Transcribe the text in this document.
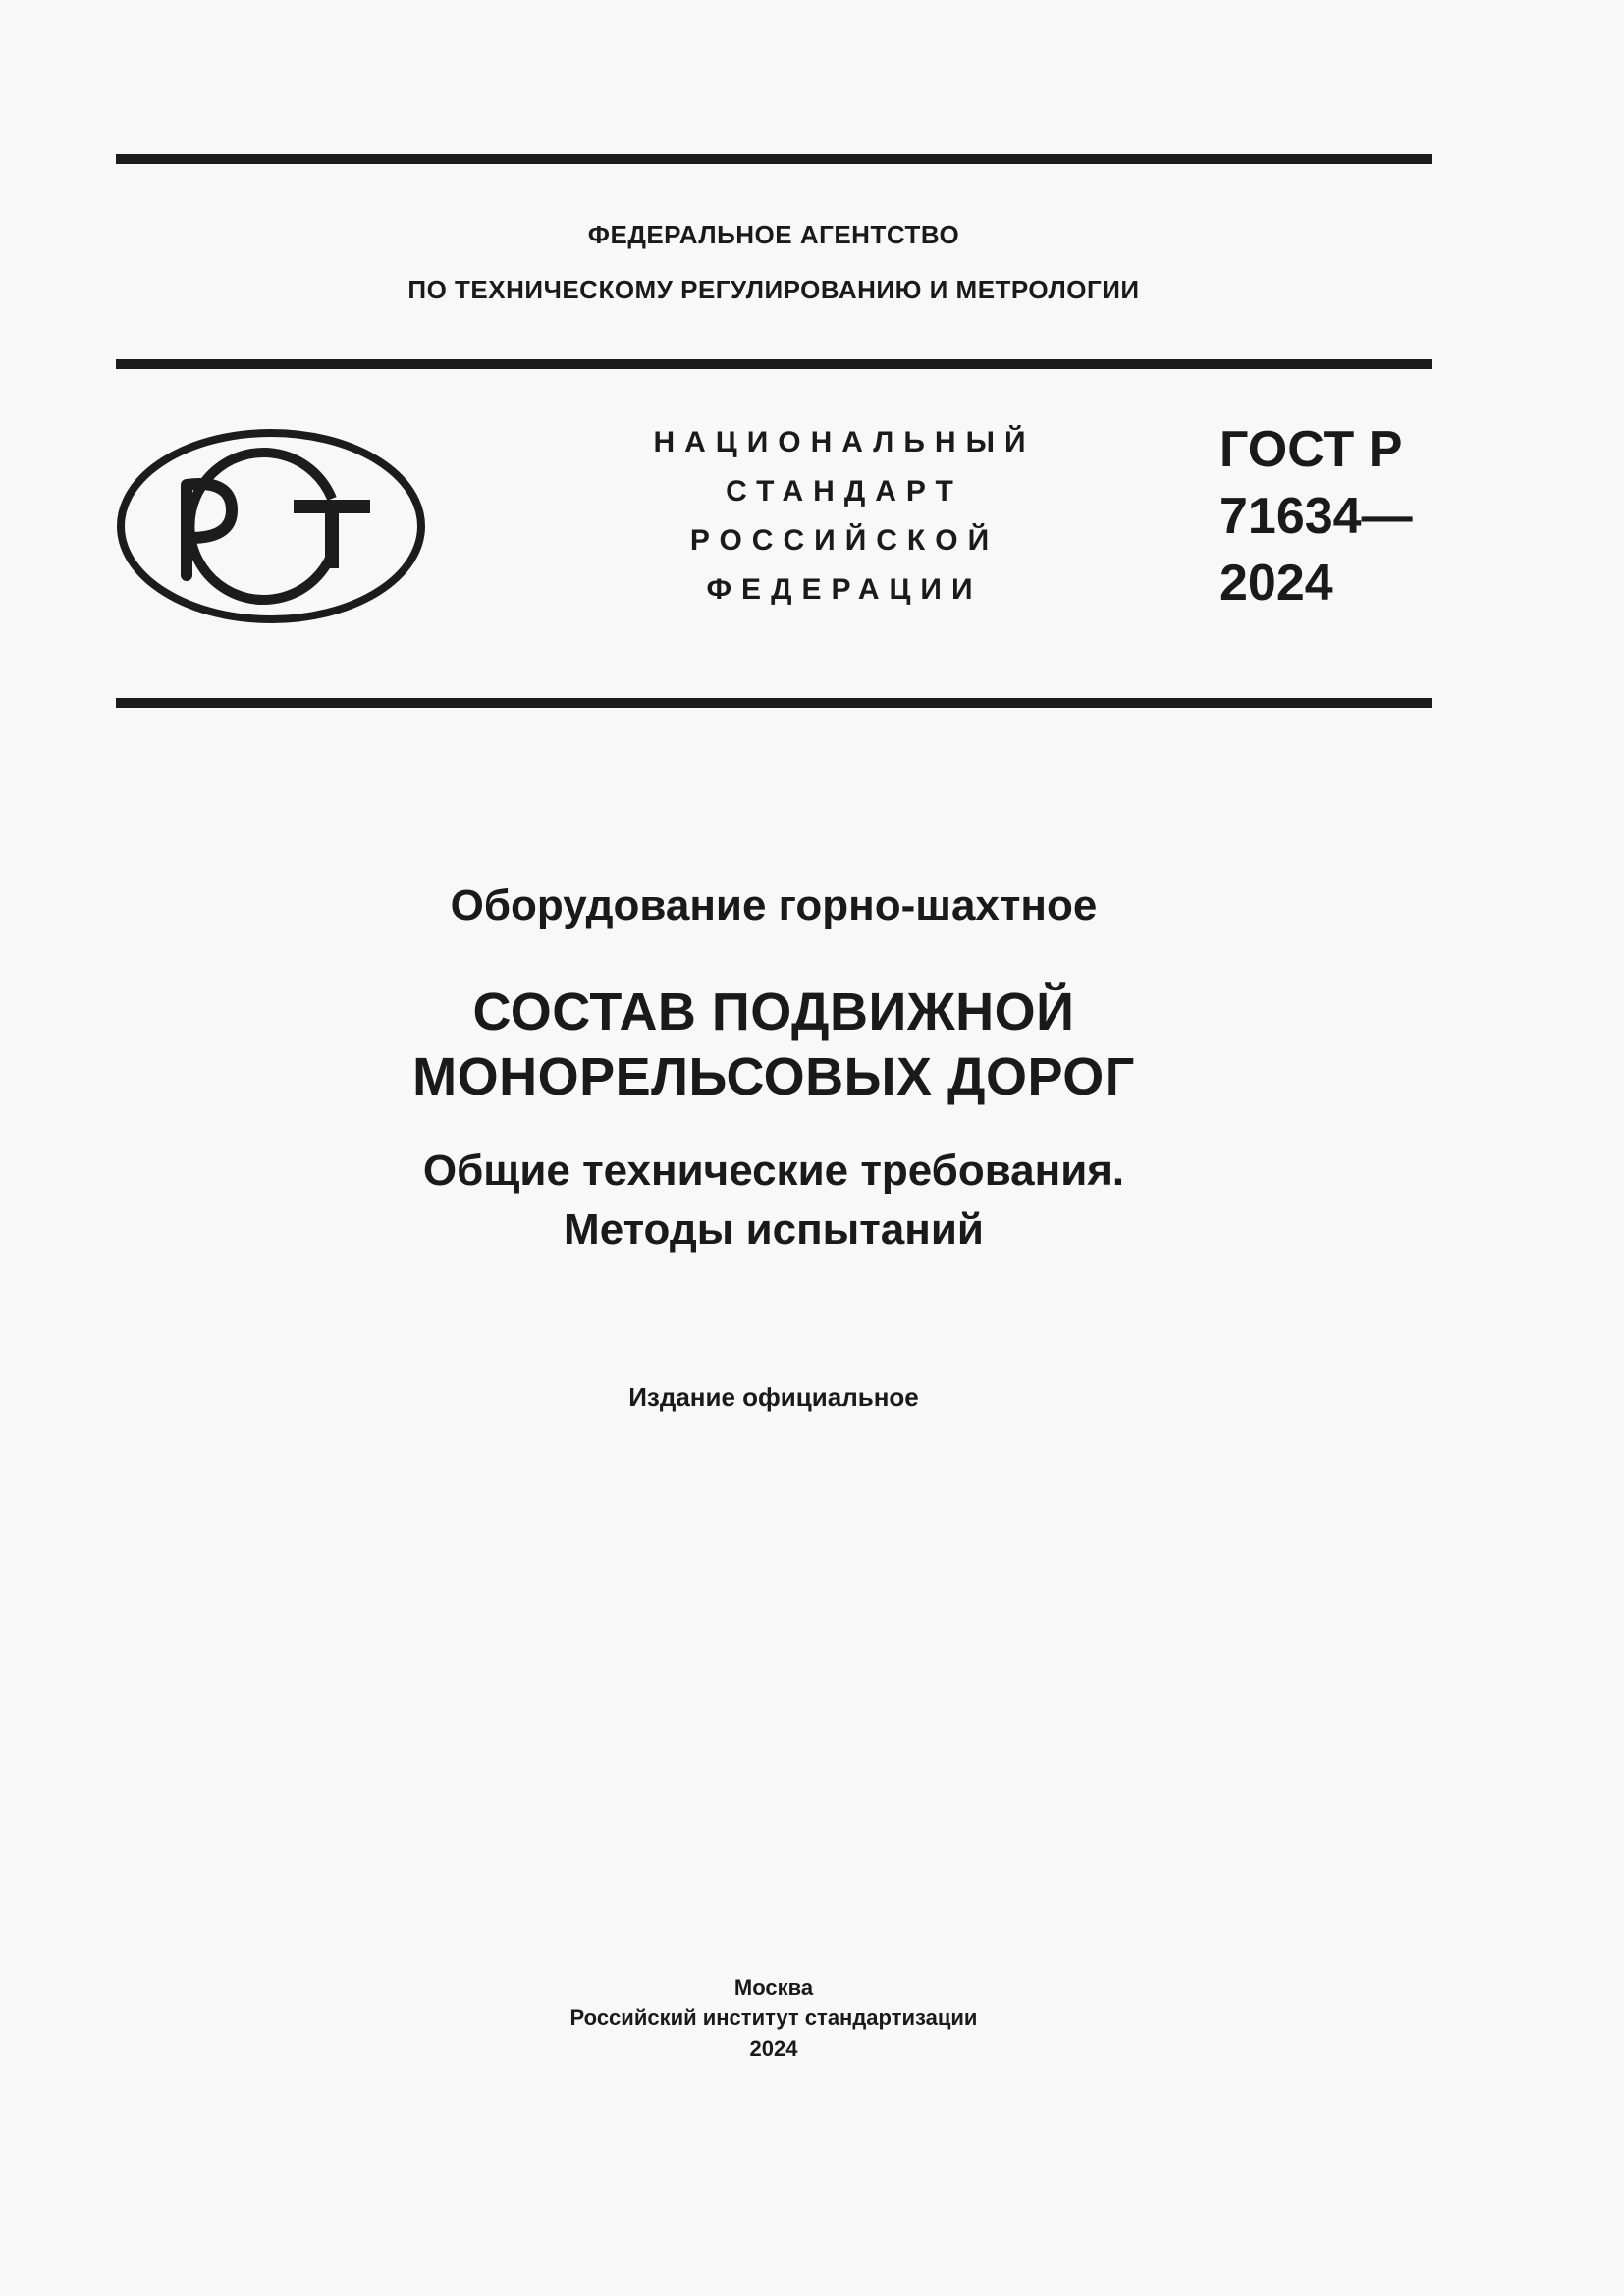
ФЕДЕРАЛЬНОЕ АГЕНТСТВО
ПО ТЕХНИЧЕСКОМУ РЕГУЛИРОВАНИЮ И МЕТРОЛОГИИ
НАЦИОНАЛЬНЫЙ
СТАНДАРТ
РОССИЙСКОЙ
ФЕДЕРАЦИИ
ГОСТ Р
71634—
2024
Оборудование горно-шахтное
СОСТАВ ПОДВИЖНОЙ
МОНОРЕЛЬСОВЫХ ДОРОГ
Общие технические требования.
Методы испытаний
Издание официальное
Москва
Российский институт стандартизации
2024
